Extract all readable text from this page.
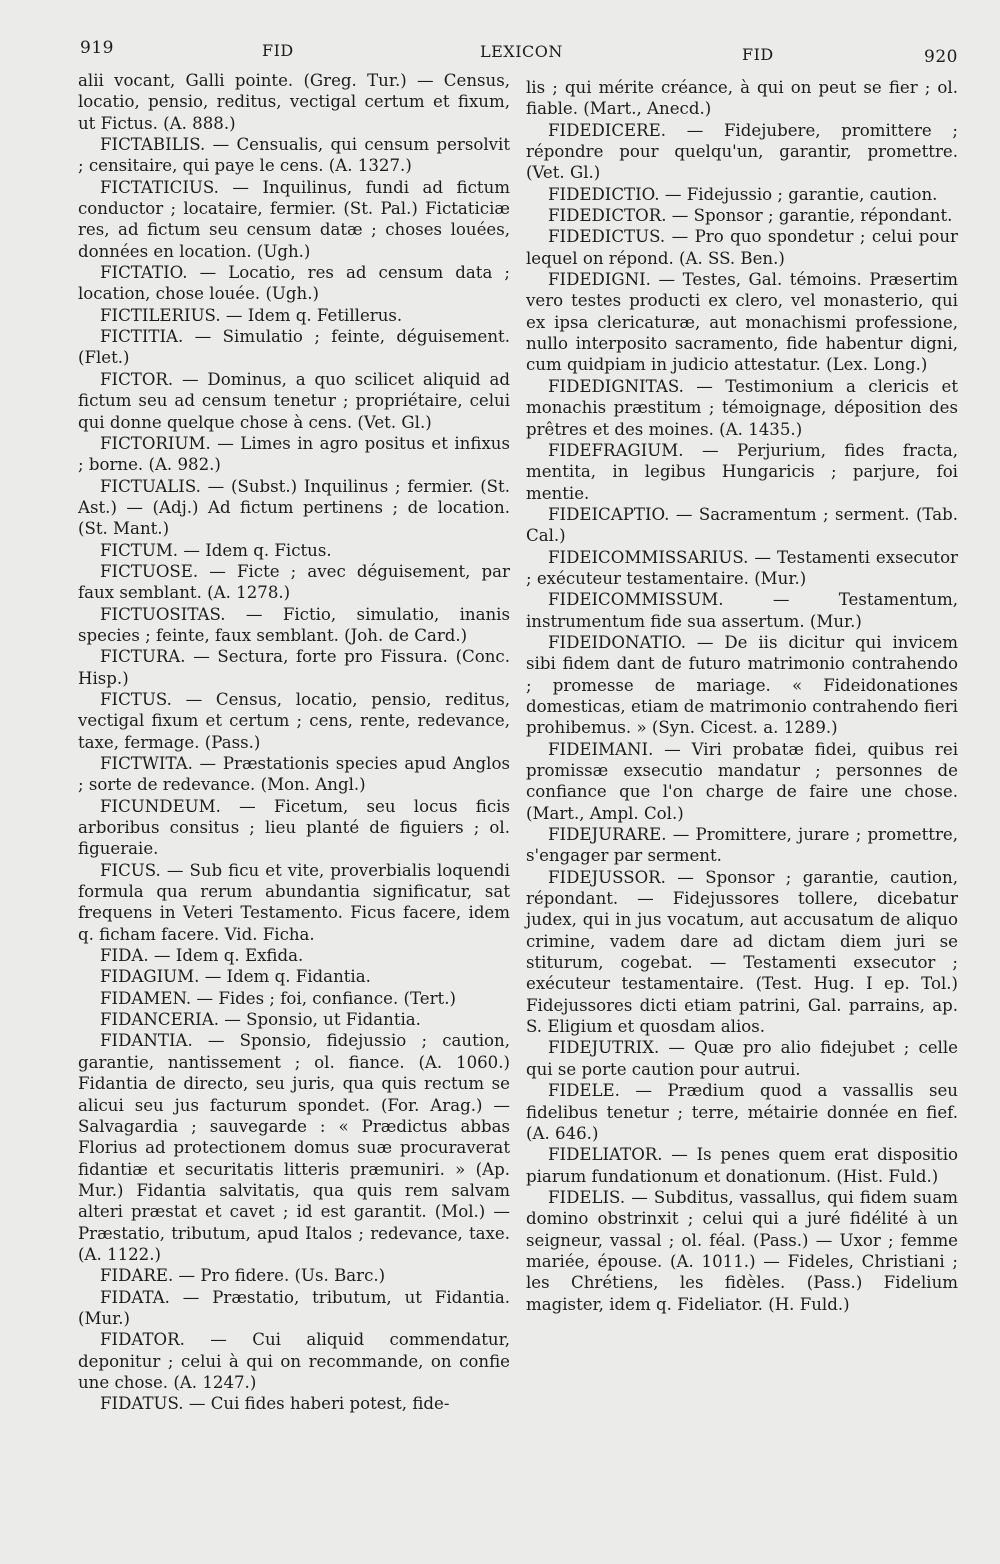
919	FID	LEXICON	FID	920

alii vocant, Galli pointe. (Greg. Tur.) — Census, locatio, pensio, reditus, vectigal certum et fixum, ut Fictus. (A. 888.)

FICTABILIS. — Censualis, qui censum persolvit ; censitaire, qui paye le cens. (A. 1327.)

FICTATICIUS. — Inquilinus, fundi ad fictum conductor ; locataire, fermier. (St. Pal.) Fictaticiæ res, ad fictum seu censum datæ ; choses louées, données en location. (Ugh.)

FICTATIO. — Locatio, res ad censum data ; location, chose louée. (Ugh.)

FICTILERIUS. — Idem q. Fetillerus.

FICTITIA. — Simulatio ; feinte, déguisement. (Flet.)

FICTOR. — Dominus, a quo scilicet aliquid ad fictum seu ad censum tenetur ; propriétaire, celui qui donne quelque chose à cens. (Vet. Gl.)

FICTORIUM. — Limes in agro positus et infixus ; borne. (A. 982.)

FICTUALIS. — (Subst.) Inquilinus ; fermier. (St. Ast.) — (Adj.) Ad fictum pertinens ; de location. (St. Mant.)

FICTUM. — Idem q. Fictus.

FICTUOSE. — Ficte ; avec déguisement, par faux semblant. (A. 1278.)

FICTUOSITAS. — Fictio, simulatio, inanis species ; feinte, faux semblant. (Joh. de Card.)

FICTURA. — Sectura, forte pro Fissura. (Conc. Hisp.)

FICTUS. — Census, locatio, pensio, reditus, vectigal fixum et certum ; cens, rente, redevance, taxe, fermage. (Pass.)

FICTWITA. — Præstationis species apud Anglos ; sorte de redevance. (Mon. Angl.)

FICUNDEUM. — Ficetum, seu locus ficis arboribus consitus ; lieu planté de figuiers ; ol. figueraie.

FICUS. — Sub ficu et vite, proverbialis loquendi formula qua rerum abundantia significatur, sat frequens in Veteri Testamento. Ficus facere, idem q. ficham facere. Vid. Ficha.

FIDA. — Idem q. Exfida.

FIDAGIUM. — Idem q. Fidantia.

FIDAMEN. — Fides ; foi, confiance. (Tert.)

FIDANCERIA. — Sponsio, ut Fidantia.

FIDANTIA. — Sponsio, fidejussio ; caution, garantie, nantissement ; ol. fiance. (A. 1060.) Fidantia de directo, seu juris, qua quis rectum se alicui seu jus facturum spondet. (For. Arag.) — Salvagardia ; sauvegarde : « Prædictus abbas Florius ad protectionem domus suæ procuraverat fidantiæ et securitatis litteris præmuniri. » (Ap. Mur.) Fidantia salvitatis, qua quis rem salvam alteri præstat et cavet ; id est garantit. (Mol.) — Præstatio, tributum, apud Italos ; redevance, taxe. (A. 1122.)

FIDARE. — Pro fidere. (Us. Barc.)

FIDATA. — Præstatio, tributum, ut Fidantia. (Mur.)

FIDATOR. — Cui aliquid commendatur, deponitur ; celui à qui on recommande, on confie une chose. (A. 1247.)

FIDATUS. — Cui fides haberi potest, fide-

lis ; qui mérite créance, à qui on peut se fier ; ol. fiable. (Mart., Anecd.)

FIDEDICERE. — Fidejubere, promittere ; répondre pour quelqu'un, garantir, promettre. (Vet. Gl.)

FIDEDICTIO. — Fidejussio ; garantie, caution.

FIDEDICTOR. — Sponsor ; garantie, répondant.

FIDEDICTUS. — Pro quo spondetur ; celui pour lequel on répond. (A. SS. Ben.)

FIDEDIGNI. — Testes, Gal. témoins. Præsertim vero testes producti ex clero, vel monasterio, qui ex ipsa clericaturæ, aut monachismi professione, nullo interposito sacramento, fide habentur digni, cum quidpiam in judicio attestatur. (Lex. Long.)

FIDEDIGNITAS. — Testimonium a clericis et monachis præstitum ; témoignage, déposition des prêtres et des moines. (A. 1435.)

FIDEFRAGIUM. — Perjurium, fides fracta, mentita, in legibus Hungaricis ; parjure, foi mentie.

FIDEICAPTIO. — Sacramentum ; serment. (Tab. Cal.)

FIDEICOMMISSARIUS. — Testamenti exsecutor ; exécuteur testamentaire. (Mur.)

FIDEICOMMISSUM. — Testamentum, instrumentum fide sua assertum. (Mur.)

FIDEIDONATIO. — De iis dicitur qui invicem sibi fidem dant de futuro matrimonio contrahendo ; promesse de mariage. « Fideidonationes domesticas, etiam de matrimonio contrahendo fieri prohibemus. » (Syn. Cicest. a. 1289.)

FIDEIMANI. — Viri probatæ fidei, quibus rei promissæ exsecutio mandatur ; personnes de confiance que l'on charge de faire une chose. (Mart., Ampl. Col.)

FIDEJURARE. — Promittere, jurare ; promettre, s'engager par serment.

FIDEJUSSOR. — Sponsor ; garantie, caution, répondant. — Fidejussores tollere, dicebatur judex, qui in jus vocatum, aut accusatum de aliquo crimine, vadem dare ad dictam diem juri se stiturum, cogebat. — Testamenti exsecutor ; exécuteur testamentaire. (Test. Hug. I ep. Tol.) Fidejussores dicti etiam patrini, Gal. parrains, ap. S. Eligium et quosdam alios.

FIDEJUTRIX. — Quæ pro alio fidejubet ; celle qui se porte caution pour autrui.

FIDELE. — Prædium quod a vassallis seu fidelibus tenetur ; terre, métairie donnée en fief. (A. 646.)

FIDELIATOR. — Is penes quem erat dispositio piarum fundationum et donationum. (Hist. Fuld.)

FIDELIS. — Subditus, vassallus, qui fidem suam domino obstrinxit ; celui qui a juré fidélité à un seigneur, vassal ; ol. féal. (Pass.) — Uxor ; femme mariée, épouse. (A. 1011.) — Fideles, Christiani ; les Chrétiens, les fidèles. (Pass.) Fidelium magister, idem q. Fideliator. (H. Fuld.)
